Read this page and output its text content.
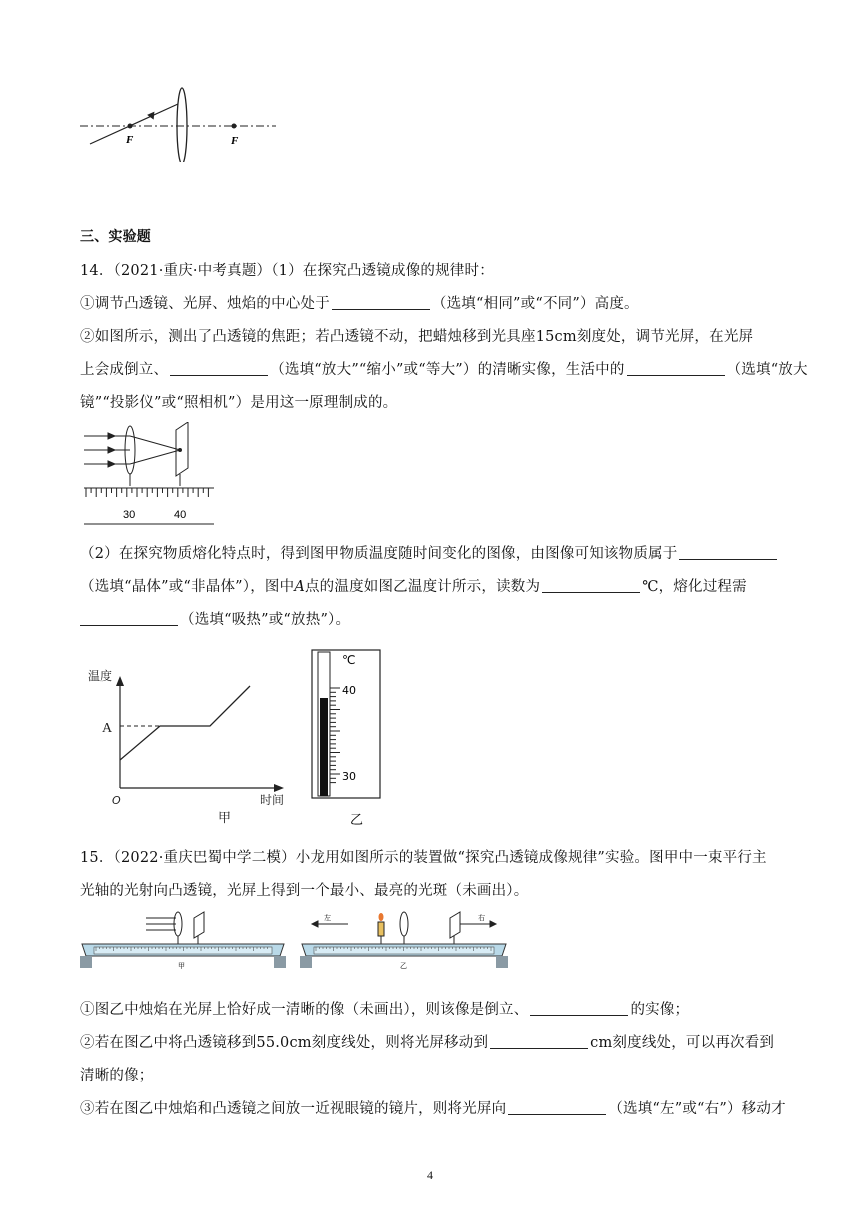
F	F
三、实验题
14．（2021·重庆·中考真题）（1）在探究凸透镜成像的规律时：
①调节凸透镜、光屏、烛焰的中心处于	（选填“相同”或“不同”）高度。
②如图所示，测出了凸透镜的焦距；若凸透镜不动，把蜡烛移到光具座15cm刻度处，调节光屏，在光屏
上会成倒立、	（选填“放大”“缩小”或“等大”）的清晰实像，生活中的	（选填“放大
镜”“投影仪”或“照相机”）是用这一原理制成的。
30	40
（2）在探究物质熔化特点时，得到图甲物质温度随时间变化的图像，由图像可知该物质属于
（选填“晶体”或“非晶体”），图中A点的温度如图乙温度计所示，读数为	℃，熔化过程需
（选填“吸热”或“放热”）。
温度
时间
O
A
甲
℃
40
30
乙
15．（2022·重庆巴蜀中学二模）小龙用如图所示的装置做“探究凸透镜成像规律”实验。图甲中一束平行主
光轴的光射向凸透镜，光屏上得到一个最小、最亮的光斑（未画出）。
甲
左	右
乙
①图乙中烛焰在光屏上恰好成一清晰的像（未画出），则该像是倒立、	的实像；
②若在图乙中将凸透镜移到55.0cm刻度线处，则将光屏移动到	cm刻度线处，可以再次看到
清晰的像；
③若在图乙中烛焰和凸透镜之间放一近视眼镜的镜片，则将光屏向	（选填“左”或“右”）移动才
4
